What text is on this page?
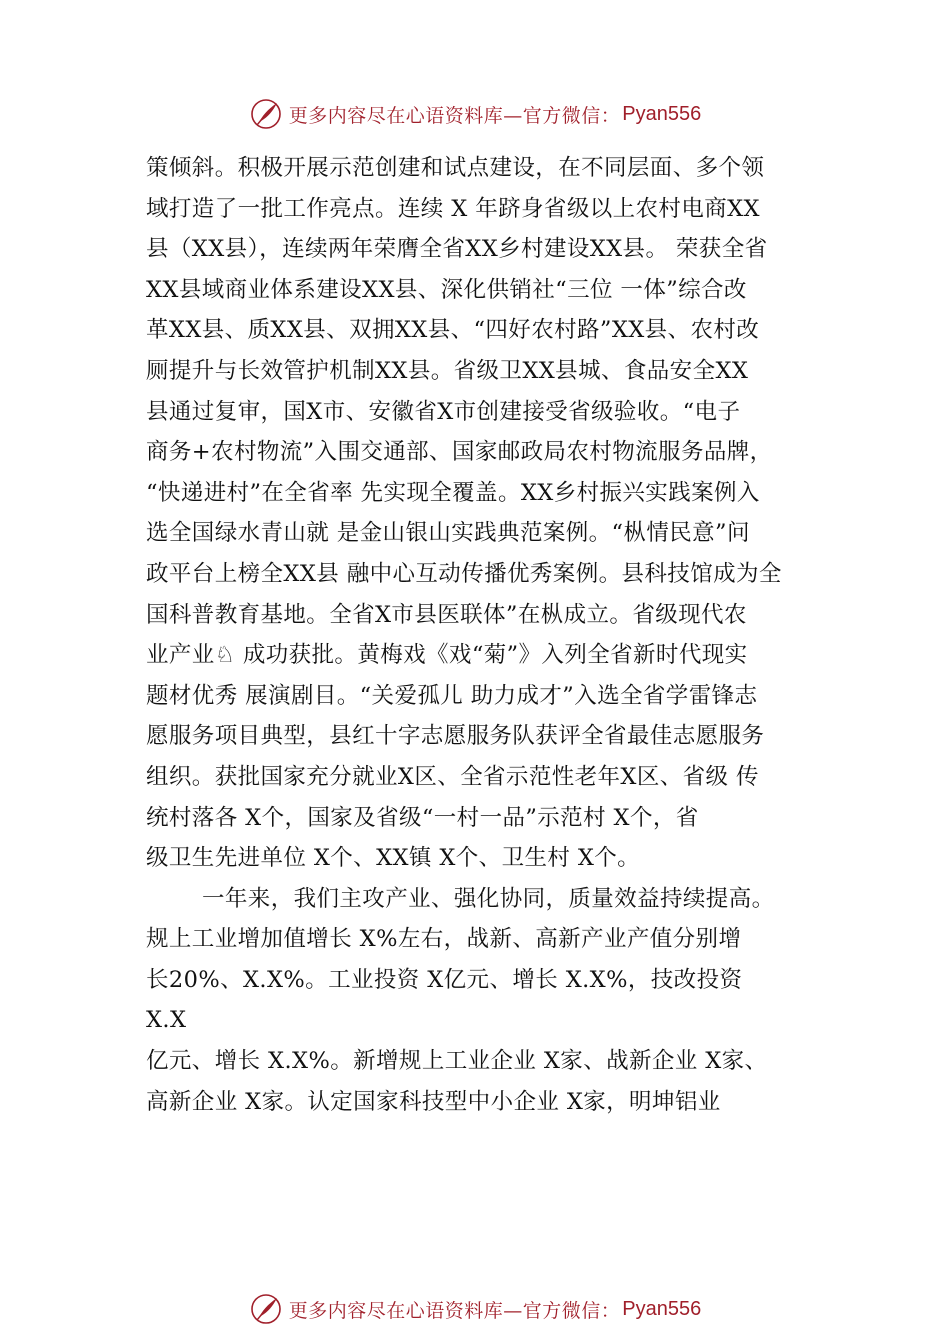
更多内容尽在心语资料库—官方微信： Pyan556
策倾斜。积极开展示范创建和试点建设，在不同层面、多个领
域打造了一批工作亮点。连续 X 年跻身省级以上农村电商XX
县（XX县），连续两年荣膺全省XX乡村建设XX县。 荣获全省
XX县域商业体系建设XX县、深化供销社“三位 一体”综合改
革XX县、质XX县、双拥XX县、“四好农村路”XX县、农村改
厕提升与长效管护机制XX县。省级卫XX县城、食品安全XX
县通过复审，国X市、安徽省X市创建接受省级验收。“电子
商务+农村物流”入围交通部、国家邮政局农村物流服务品牌，
“快递进村”在全省率 先实现全覆盖。XX乡村振兴实践案例入
选全国绿水青山就 是金山银山实践典范案例。“枞情民意”问
政平台上榜全XX县 融中心互动传播优秀案例。县科技馆成为全
国科普教育基地。全省X市县医联体”在枞成立。省级现代农
业产业♘ 成功获批。黄梅戏《戏“菊”》入列全省新时代现实
题材优秀 展演剧目。“关爱孤儿 助力成才”入选全省学雷锋志
愿服务项目典型，县红十字志愿服务队获评全省最佳志愿服务
组织。获批国家充分就业X区、全省示范性老年X区、省级 传
统村落各 X个，国家及省级“一村一品”示范村 X个，省
级卫生先进单位 X个、XX镇 X个、卫生村 X个。
一年来，我们主攻产业、强化协同，质量效益持续提高。
规上工业增加值增长 X%左右，战新、高新产业产值分别增
长20%、X.X%。工业投资 X亿元、增长 X.X%，技改投资
X.X
亿元、增长 X.X%。新增规上工业企业 X家、战新企业 X家、
高新企业 X家。认定国家科技型中小企业 X家，明坤铝业
更多内容尽在心语资料库—官方微信： Pyan556
